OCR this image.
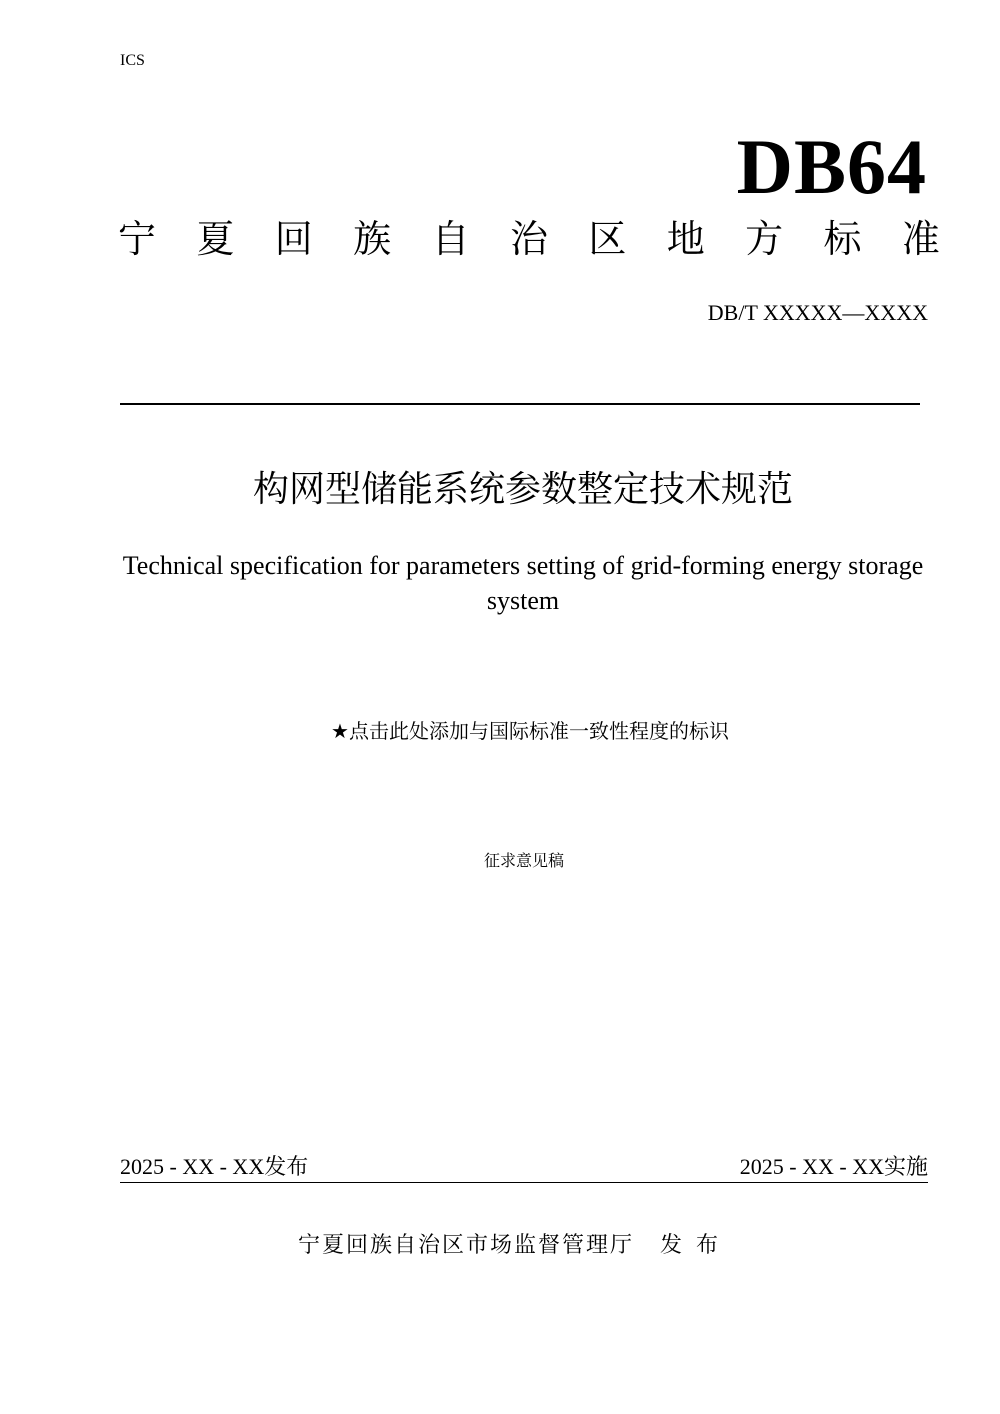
ICS
DB64
宁 夏 回 族 自 治 区 地 方 标 准
DB/T XXXXX—XXXX
构网型储能系统参数整定技术规范
Technical specification for parameters setting of grid-forming energy storage system
★点击此处添加与国际标准一致性程度的标识
征求意见稿
2025 - XX - XX发布	2025 - XX - XX实施
宁夏回族自治区市场监督管理厅 发布
